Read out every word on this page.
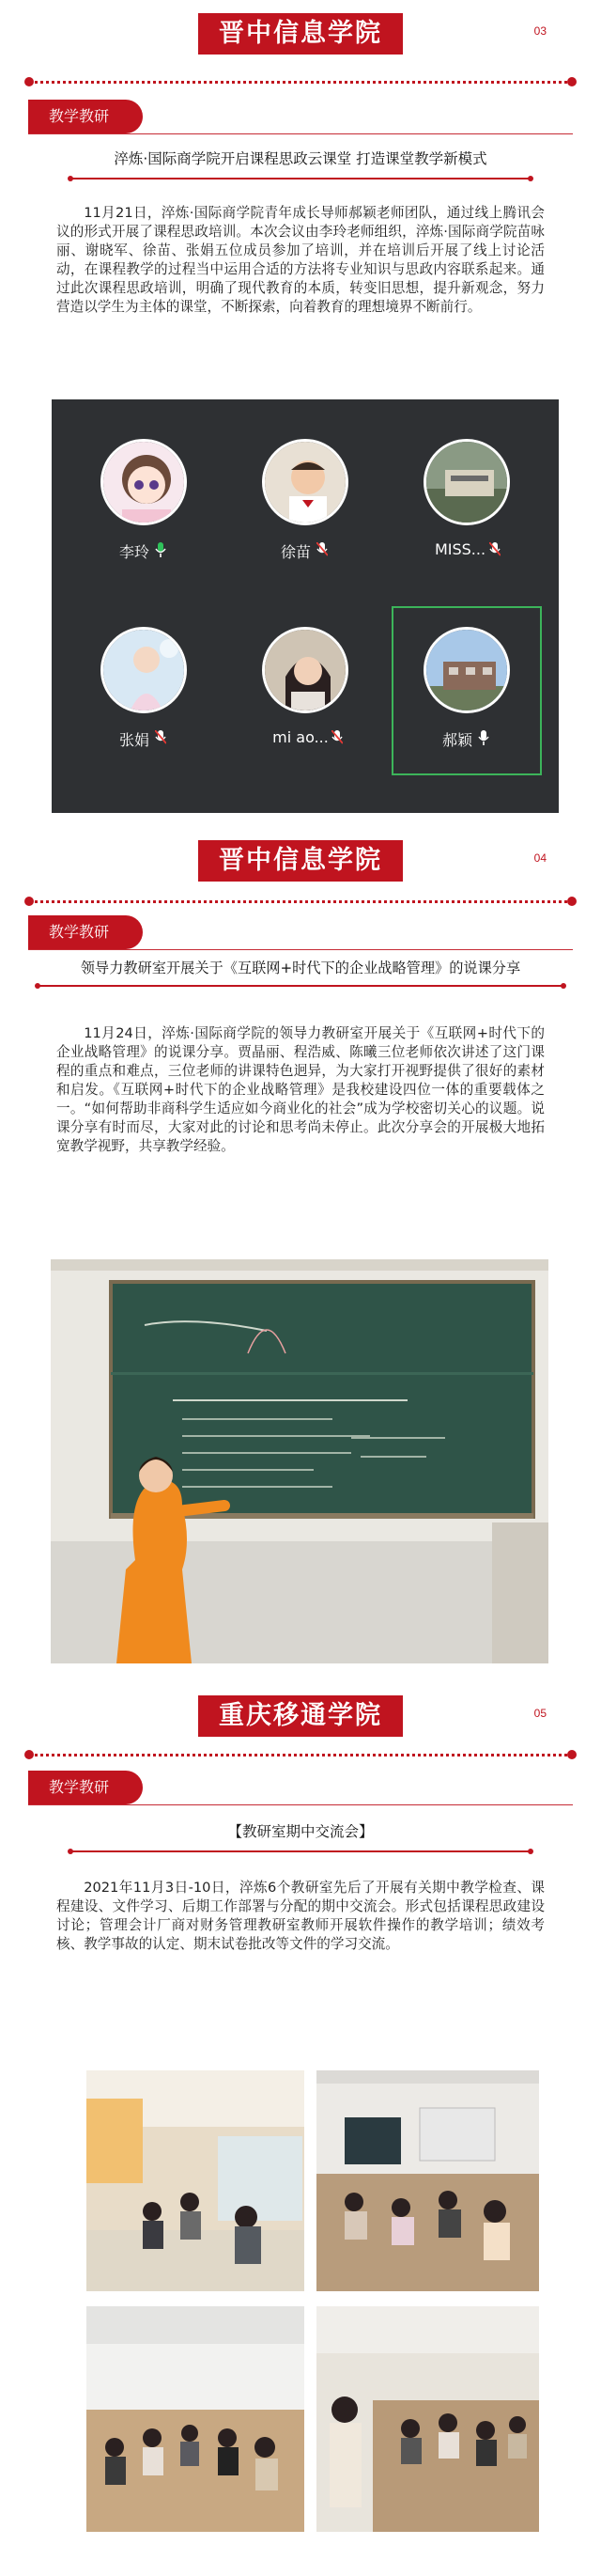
晋中信息学院	03
教学教研
淬炼·国际商学院开启课程思政云课堂 打造课堂教学新模式

11月21日，淬炼·国际商学院青年成长导师郝颖老师团队，通过线上腾讯会议的形式开展了课程思政培训。本次会议由李玲老师组织，淬炼·国际商学院苗咏丽、谢晓军、徐苗、张娟五位成员参加了培训，并在培训后开展了线上讨论活动，在课程教学的过程当中运用合适的方法将专业知识与思政内容联系起来。通过此次课程思政培训，明确了现代教育的本质，转变旧思想，提升新观念，努力营造以学生为主体的课堂，不断探索，向着教育的理想境界不断前行。

李玲	徐苗	MISS...
张娟	mi ao...	郝颖
晋中信息学院	04
教学教研
领导力教研室开展关于《互联网+时代下的企业战略管理》的说课分享

11月24日，淬炼·国际商学院的领导力教研室开展关于《互联网+时代下的企业战略管理》的说课分享。贾晶丽、程浩威、陈曦三位老师依次讲述了这门课程的重点和难点，三位老师的讲课特色迥异，为大家打开视野提供了很好的素材和启发。《互联网+时代下的企业战略管理》是我校建设四位一体的重要载体之一。“如何帮助非商科学生适应如今商业化的社会”成为学校密切关心的议题。说课分享有时而尽，大家对此的讨论和思考尚未停止。此次分享会的开展极大地拓宽教学视野，共享教学经验。

重庆移通学院	05
教学教研
【教研室期中交流会】

2021年11月3日-10日，淬炼6个教研室先后了开展有关期中教学检查、课程建设、文件学习、后期工作部署与分配的期中交流会。形式包括课程思政建设讨论；管理会计厂商对财务管理教研室教师开展软件操作的教学培训；绩效考核、教学事故的认定、期末试卷批改等文件的学习交流。
